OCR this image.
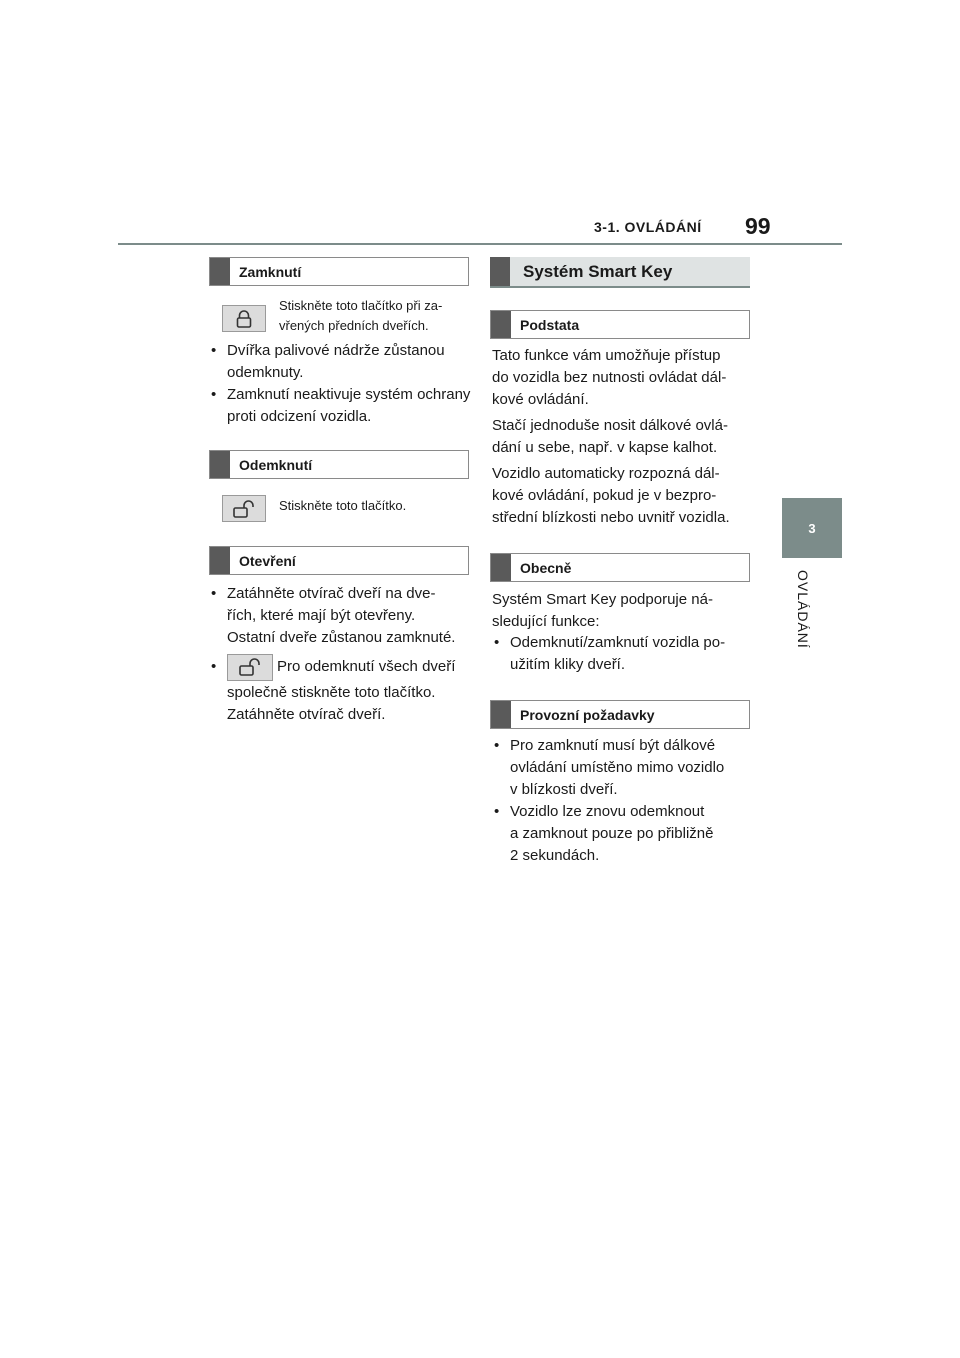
3-1. OVLÁDÁNÍ 99
3
OVLÁDÁNÍ
Zamknutí
Stiskněte toto tlačítko při za-
vřených předních dveřích.
• Dvířka palivové nádrže zůstanou odemknuty.
• Zamknutí neaktivuje systém ochrany proti odcizení vozidla.
Odemknutí
Stiskněte toto tlačítko.
Otevření
• Zatáhněte otvírač dveří na dve-
řích, které mají být otevřeny.
Ostatní dveře zůstanou zamknuté.
• Pro odemknutí všech dveří
společně stiskněte toto tlačítko.
Zatáhněte otvírač dveří.
Systém Smart Key
Podstata
Tato funkce vám umožňuje přístup
do vozidla bez nutnosti ovládat dál-
kové ovládání.
Stačí jednoduše nosit dálkové ovlá-
dání u sebe, např. v kapse kalhot.
Vozidlo automaticky rozpozná dál-
kové ovládání, pokud je v bezpro-
střední blízkosti nebo uvnitř vozidla.
Obecně
Systém Smart Key podporuje ná-
sledující funkce:
• Odemknutí/zamknutí vozidla po-
užitím kliky dveří.
Provozní požadavky
• Pro zamknutí musí být dálkové
ovládání umístěno mimo vozidlo
v blízkosti dveří.
• Vozidlo lze znovu odemknout
a zamknout pouze po přibližně
2 sekundách.
